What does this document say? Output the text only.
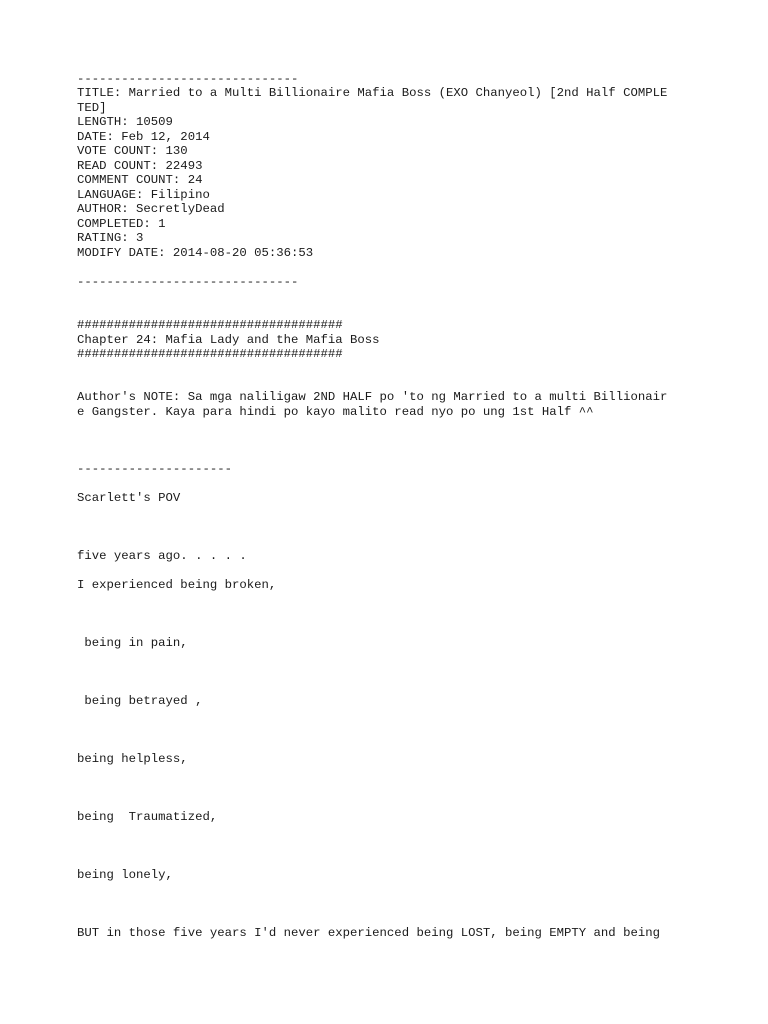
------------------------------

TITLE: Married to a Multi Billionaire Mafia Boss (EXO Chanyeol) [2nd Half COMPLE

TED]

LENGTH: 10509

DATE: Feb 12, 2014

VOTE COUNT: 130

READ COUNT: 22493

COMMENT COUNT: 24

LANGUAGE: Filipino

AUTHOR: SecretlyDead

COMPLETED: 1

RATING: 3

MODIFY DATE: 2014-08-20 05:36:53

------------------------------

####################################

Chapter 24: Mafia Lady and the Mafia Boss

####################################

Author's NOTE: Sa mga naliligaw 2ND HALF po 'to ng Married to a multi Billionair

e Gangster. Kaya para hindi po kayo malito read nyo po ung 1st Half ^^

---------------------

Scarlett's POV

five years ago. . . . .

I experienced being broken,

being in pain,

being betrayed ,

being helpless,

being  Traumatized,

being lonely,

BUT in those five years I'd never experienced being LOST, being EMPTY and being
